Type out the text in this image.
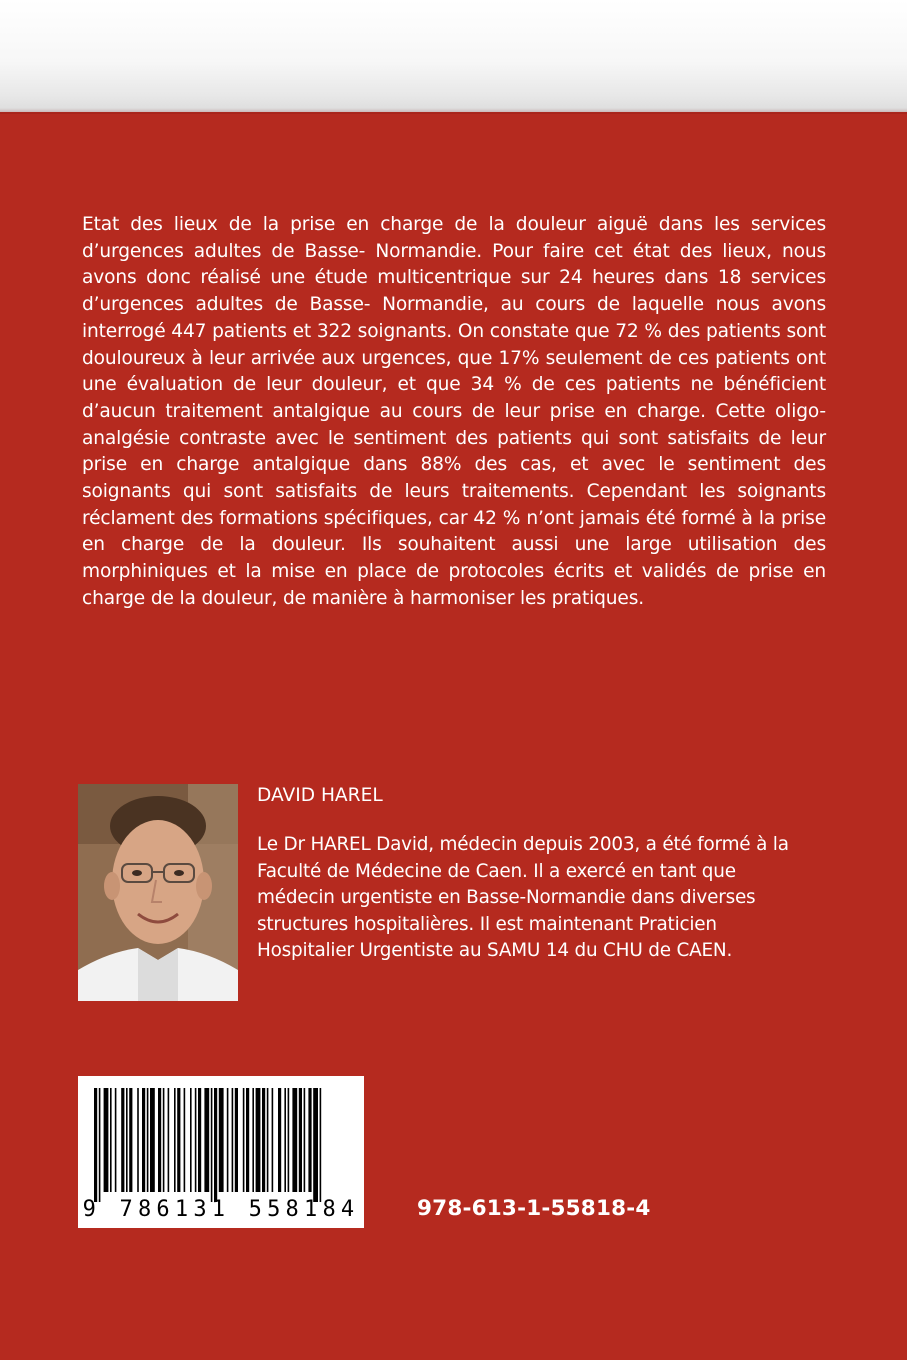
Etat des lieux de la prise en charge de la douleur aiguë dans les services d’urgences adultes de Basse- Normandie. Pour faire cet état des lieux, nous avons donc réalisé une étude multicentrique sur 24 heures dans 18 services d’urgences adultes de Basse- Normandie, au cours de laquelle nous avons interrogé 447 patients et 322 soignants. On constate que 72 % des patients sont douloureux à leur arrivée aux urgences, que 17% seulement de ces patients ont une évaluation de leur douleur, et que 34 % de ces patients ne bénéficient d’aucun traitement antalgique au cours de leur prise en charge. Cette oligo-analgésie contraste avec le sentiment des patients qui sont satisfaits de leur prise en charge antalgique dans 88% des cas, et avec le sentiment des soignants qui sont satisfaits de leurs traitements. Cependant les soignants réclament des formations spécifiques, car 42 % n’ont jamais été formé à la prise en charge de la douleur. Ils souhaitent aussi une large utilisation des morphiniques et la mise en place de protocoles écrits et validés de prise en charge de la douleur, de manière à harmoniser les pratiques.

DAVID HAREL

Le Dr HAREL David, médecin depuis 2003, a été formé à la Faculté de Médecine de Caen. Il a exercé en tant que médecin urgentiste en Basse-Normandie dans diverses structures hospitalières. Il est maintenant Praticien Hospitalier Urgentiste au SAMU 14 du CHU de CAEN.

9 786131 558184	978-613-1-55818-4
